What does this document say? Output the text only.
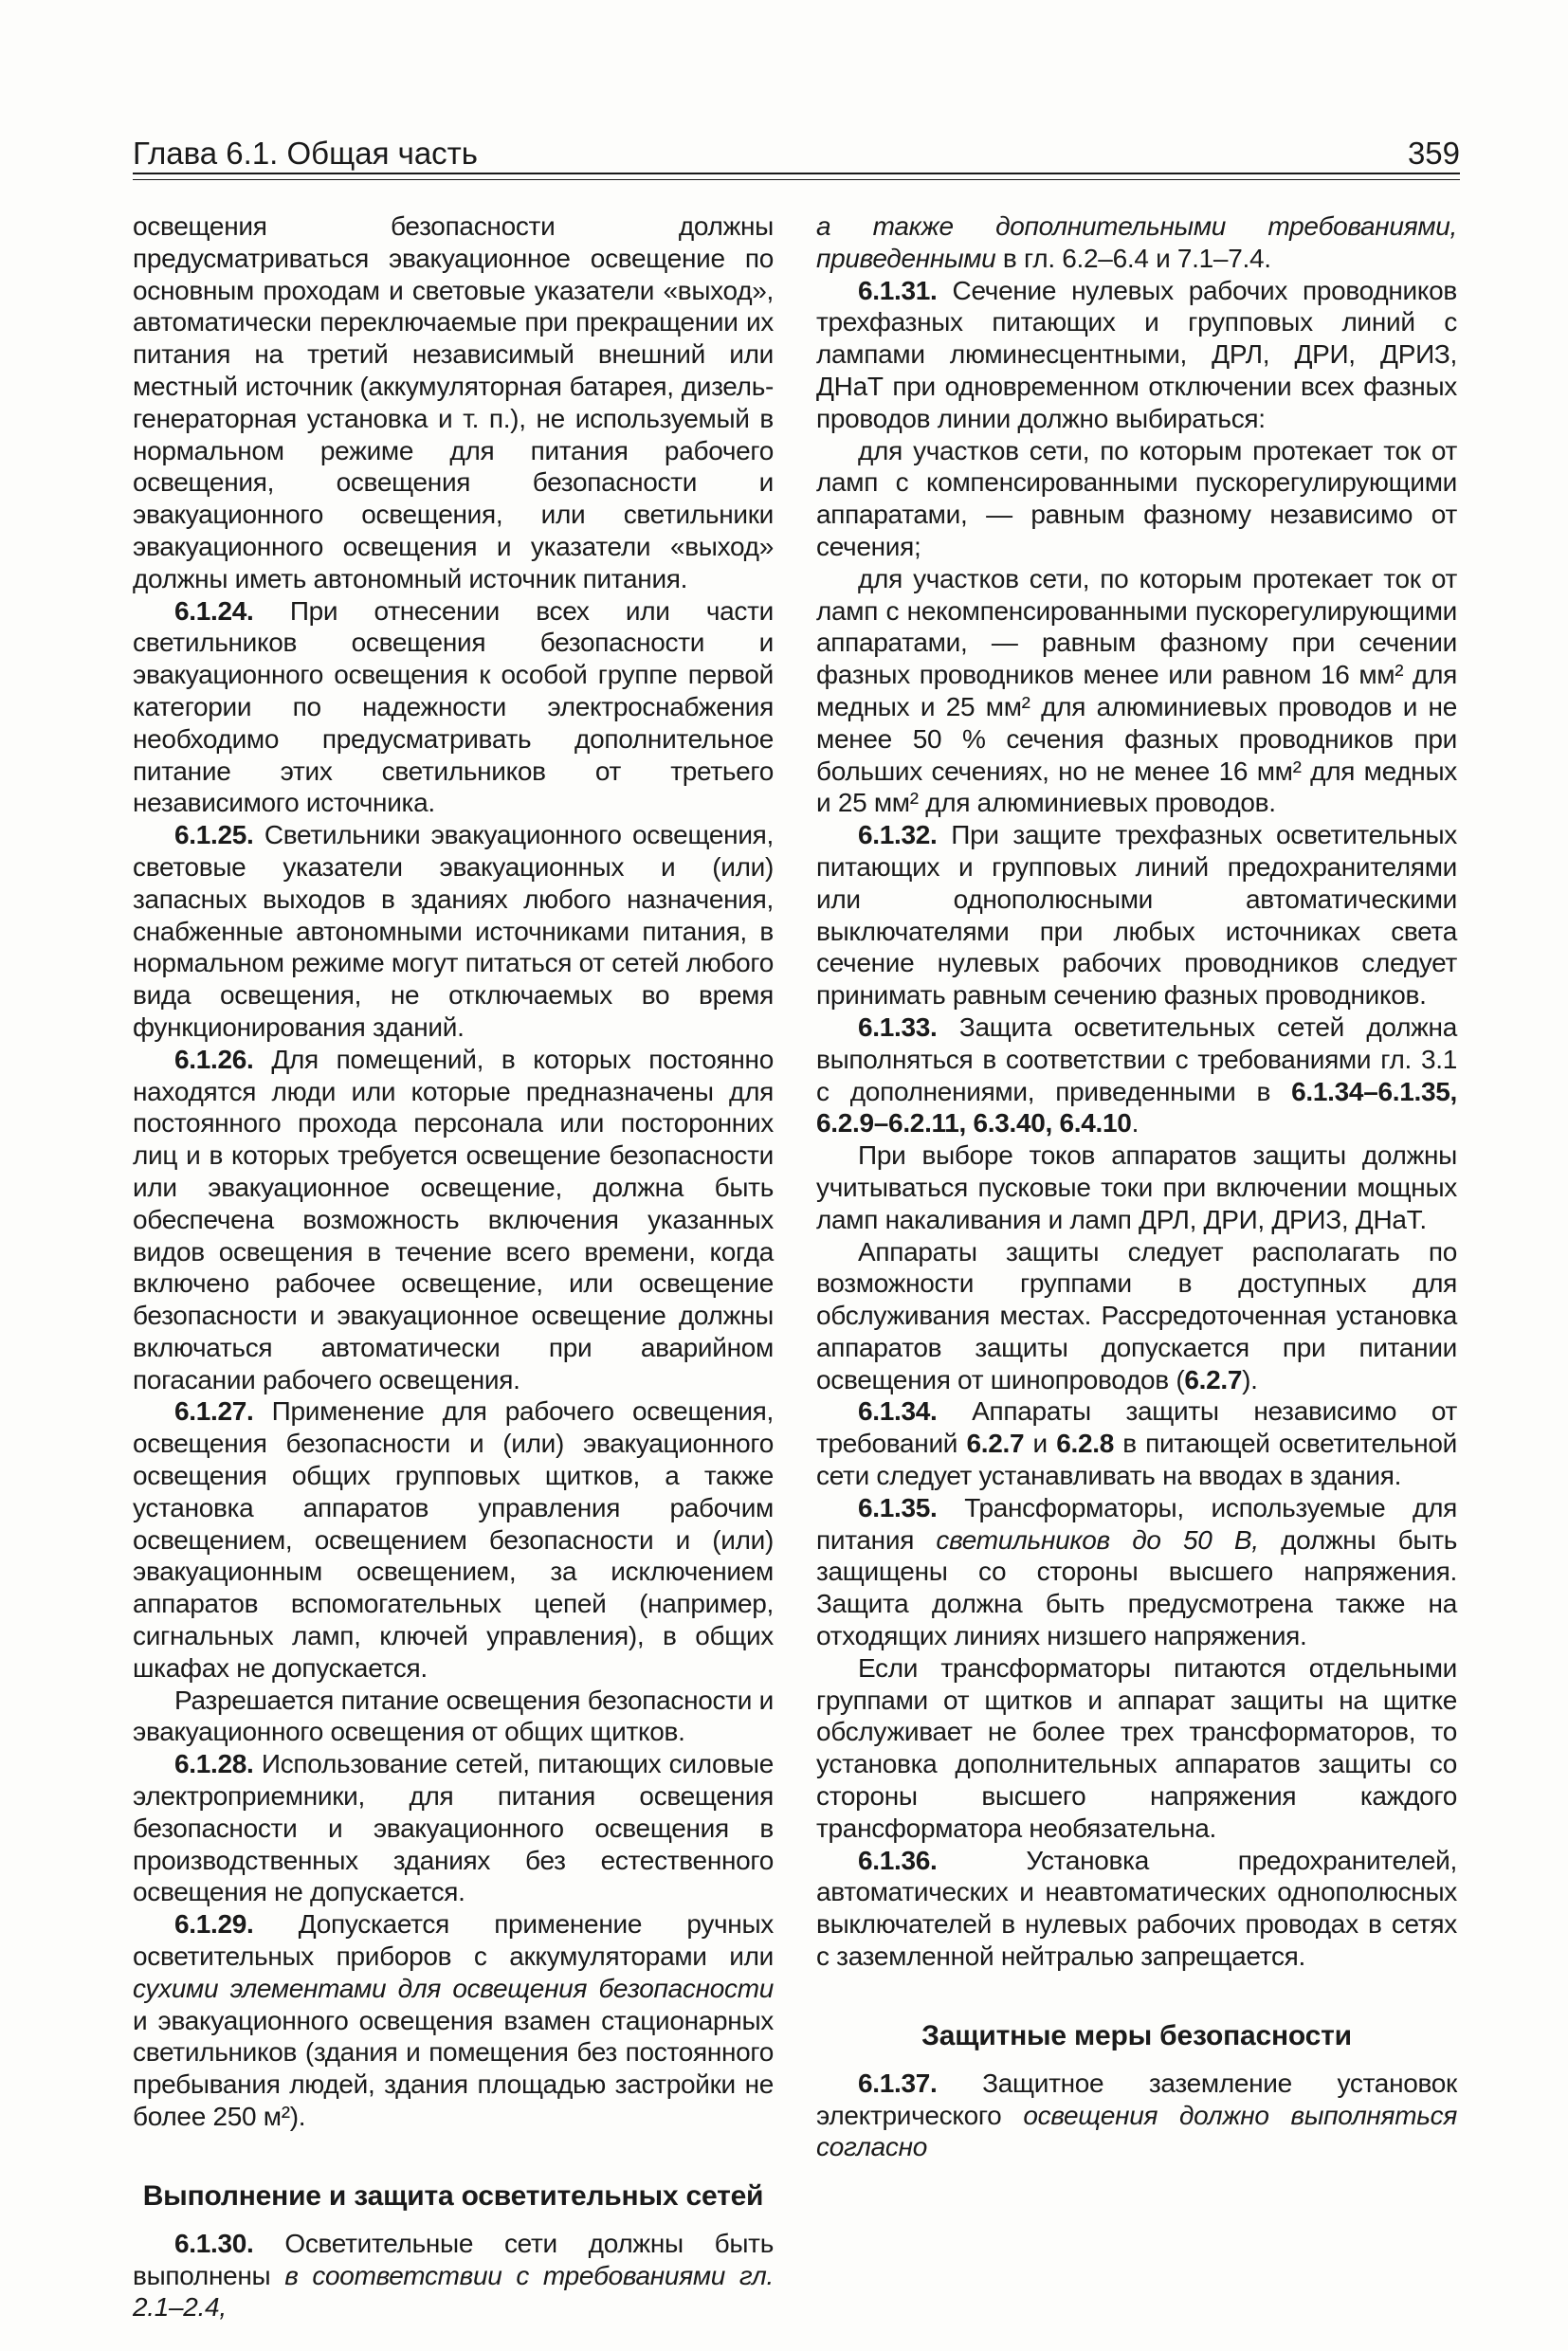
Глава 6.1. Общая часть	359

освещения безопасности должны предусматриваться эвакуационное освещение по основным проходам и световые указатели «выход», автоматически переключаемые при прекращении их питания на третий независимый внешний или местный источник (аккумуляторная батарея, дизель-генераторная установка и т. п.), не используемый в нормальном режиме для питания рабочего освещения, освещения безопасности и эвакуационного освещения, или светильники эвакуационного освещения и указатели «выход» должны иметь автономный источник питания.

6.1.24. При отнесении всех или части светильников освещения безопасности и эвакуационного освещения к особой группе первой категории по надежности электроснабжения необходимо предусматривать дополнительное питание этих светильников от третьего независимого источника.

6.1.25. Светильники эвакуационного освещения, световые указатели эвакуационных и (или) запасных выходов в зданиях любого назначения, снабженные автономными источниками питания, в нормальном режиме могут питаться от сетей любого вида освещения, не отключаемых во время функционирования зданий.

6.1.26. Для помещений, в которых постоянно находятся люди или которые предназначены для постоянного прохода персонала или посторонних лиц и в которых требуется освещение безопасности или эвакуационное освещение, должна быть обеспечена возможность включения указанных видов освещения в течение всего времени, когда включено рабочее освещение, или освещение безопасности и эвакуационное освещение должны включаться автоматически при аварийном погасании рабочего освещения.

6.1.27. Применение для рабочего освещения, освещения безопасности и (или) эвакуационного освещения общих групповых щитков, а также установка аппаратов управления рабочим освещением, освещением безопасности и (или) эвакуационным освещением, за исключением аппаратов вспомогательных цепей (например, сигнальных ламп, ключей управления), в общих шкафах не допускается.

Разрешается питание освещения безопасности и эвакуационного освещения от общих щитков.

6.1.28. Использование сетей, питающих силовые электроприемники, для питания освещения безопасности и эвакуационного освещения в производственных зданиях без естественного освещения не допускается.

6.1.29. Допускается применение ручных осветительных приборов с аккумуляторами или сухими элементами для освещения безопасности и эвакуационного освещения взамен стационарных светильников (здания и помещения без постоянного пребывания людей, здания площадью застройки не более 250 м²).

Выполнение и защита осветительных сетей

6.1.30. Осветительные сети должны быть выполнены в соответствии с требованиями гл. 2.1–2.4,

а также дополнительными требованиями, приведенными в гл. 6.2–6.4 и 7.1–7.4.

6.1.31. Сечение нулевых рабочих проводников трехфазных питающих и групповых линий с лампами люминесцентными, ДРЛ, ДРИ, ДРИЗ, ДНаТ при одновременном отключении всех фазных проводов линии должно выбираться:

для участков сети, по которым протекает ток от ламп с компенсированными пускорегулирующими аппаратами, — равным фазному независимо от сечения;

для участков сети, по которым протекает ток от ламп с некомпенсированными пускорегулирующими аппаратами, — равным фазному при сечении фазных проводников менее или равном 16 мм² для медных и 25 мм² для алюминиевых проводов и не менее 50 % сечения фазных проводников при больших сечениях, но не менее 16 мм² для медных и 25 мм² для алюминиевых проводов.

6.1.32. При защите трехфазных осветительных питающих и групповых линий предохранителями или однополюсными автоматическими выключателями при любых источниках света сечение нулевых рабочих проводников следует принимать равным сечению фазных проводников.

6.1.33. Защита осветительных сетей должна выполняться в соответствии с требованиями гл. 3.1 с дополнениями, приведенными в 6.1.34–6.1.35, 6.2.9–6.2.11, 6.3.40, 6.4.10.

При выборе токов аппаратов защиты должны учитываться пусковые токи при включении мощных ламп накаливания и ламп ДРЛ, ДРИ, ДРИЗ, ДНаТ.

Аппараты защиты следует располагать по возможности группами в доступных для обслуживания местах. Рассредоточенная установка аппаратов защиты допускается при питании освещения от шинопроводов (6.2.7).

6.1.34. Аппараты защиты независимо от требований 6.2.7 и 6.2.8 в питающей осветительной сети следует устанавливать на вводах в здания.

6.1.35. Трансформаторы, используемые для питания светильников до 50 В, должны быть защищены со стороны высшего напряжения. Защита должна быть предусмотрена также на отходящих линиях низшего напряжения.

Если трансформаторы питаются отдельными группами от щитков и аппарат защиты на щитке обслуживает не более трех трансформаторов, то установка дополнительных аппаратов защиты со стороны высшего напряжения каждого трансформатора необязательна.

6.1.36. Установка предохранителей, автоматических и неавтоматических однополюсных выключателей в нулевых рабочих проводах в сетях с заземленной нейтралью запрещается.

Защитные меры безопасности

6.1.37. Защитное заземление установок электрического освещения должно выполняться согласно
